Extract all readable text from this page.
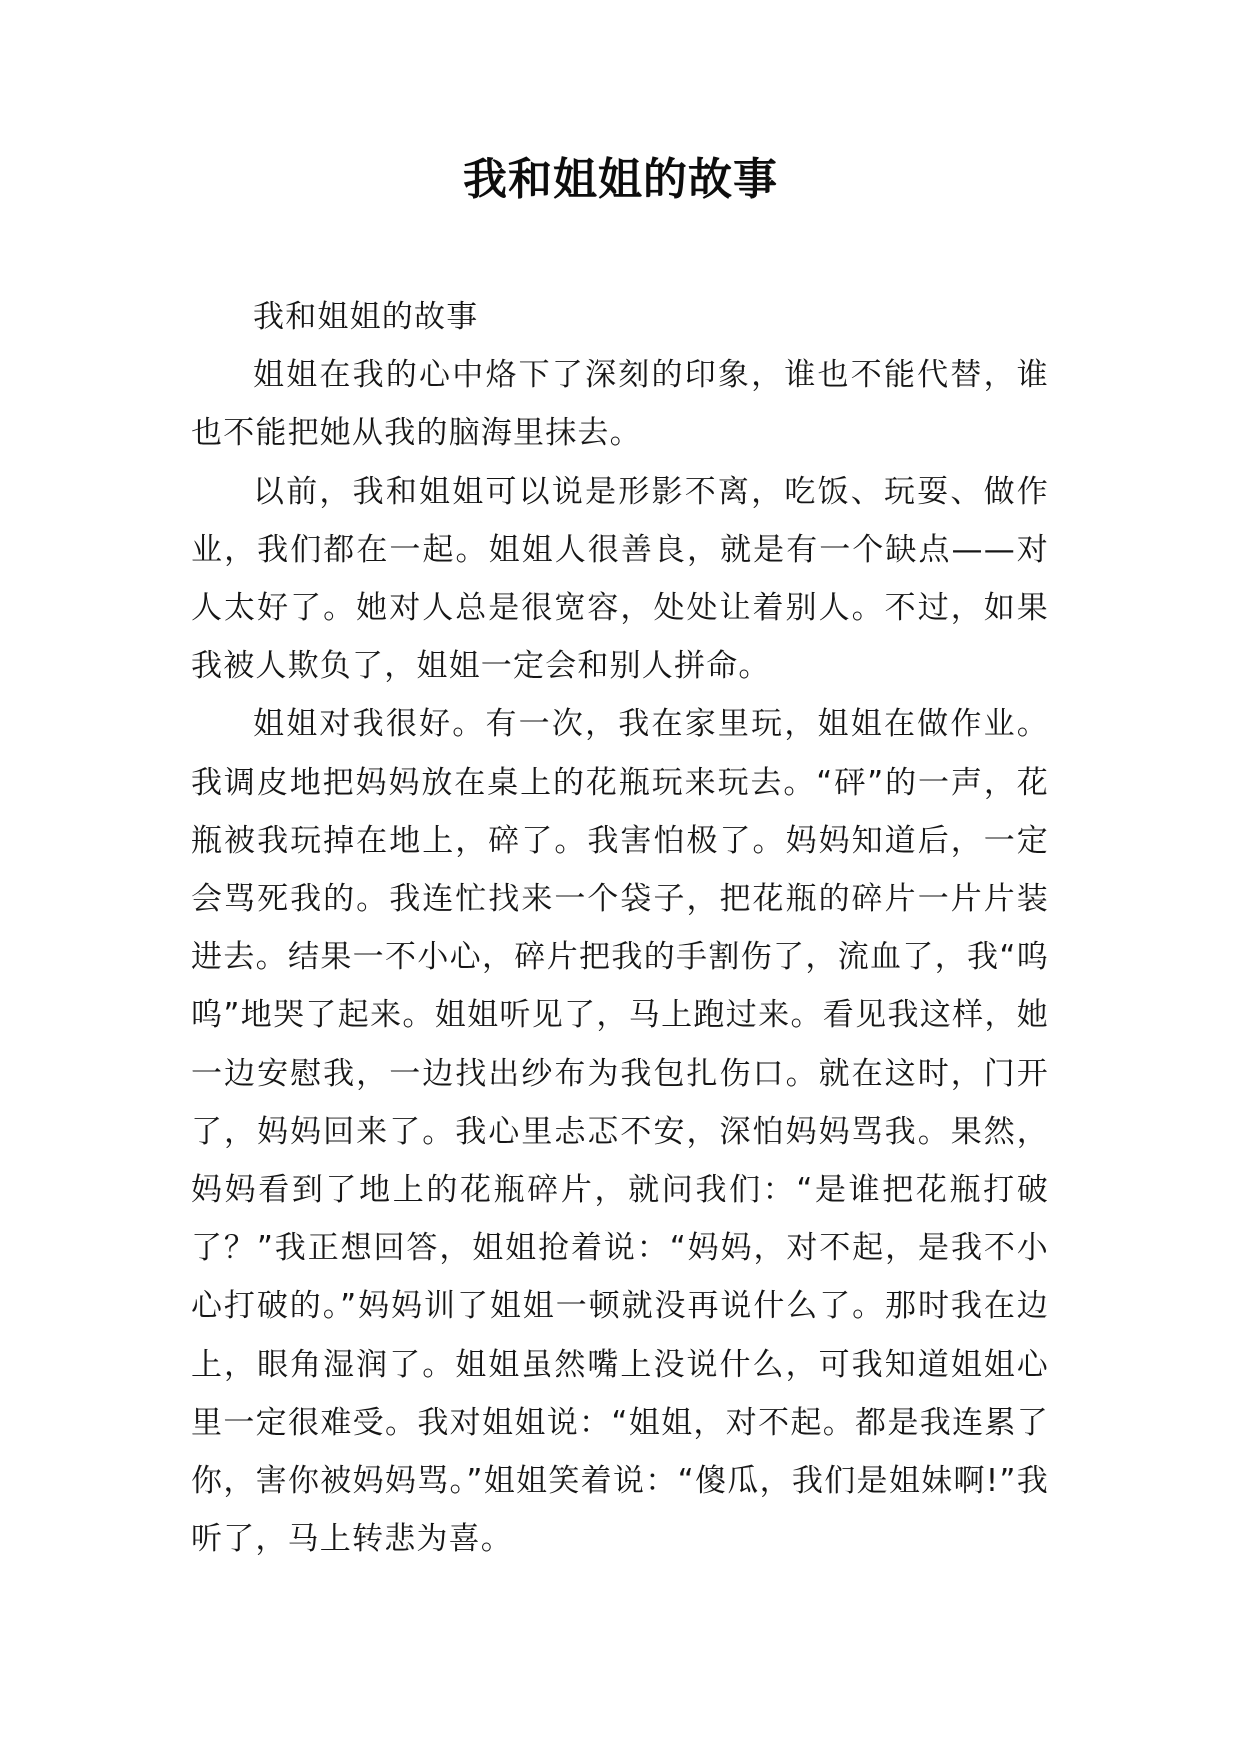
我和姐姐的故事

我和姐姐的故事

姐姐在我的心中烙下了深刻的印象，谁也不能代替，谁也不能把她从我的脑海里抹去。

以前，我和姐姐可以说是形影不离，吃饭、玩耍、做作业，我们都在一起。姐姐人很善良，就是有一个缺点——对人太好了。她对人总是很宽容，处处让着别人。不过，如果我被人欺负了，姐姐一定会和别人拼命。

姐姐对我很好。有一次，我在家里玩，姐姐在做作业。我调皮地把妈妈放在桌上的花瓶玩来玩去。“砰”的一声，花瓶被我玩掉在地上，碎了。我害怕极了。妈妈知道后，一定会骂死我的。我连忙找来一个袋子，把花瓶的碎片一片片装进去。结果一不小心，碎片把我的手割伤了，流血了，我“呜呜”地哭了起来。姐姐听见了，马上跑过来。看见我这样，她一边安慰我，一边找出纱布为我包扎伤口。就在这时，门开了，妈妈回来了。我心里忐忑不安，深怕妈妈骂我。果然，妈妈看到了地上的花瓶碎片，就问我们：“是谁把花瓶打破了？”我正想回答，姐姐抢着说：“妈妈，对不起，是我不小心打破的。”妈妈训了姐姐一顿就没再说什么了。那时我在边上，眼角湿润了。姐姐虽然嘴上没说什么，可我知道姐姐心里一定很难受。我对姐姐说：“姐姐，对不起。都是我连累了你，害你被妈妈骂。”姐姐笑着说：“傻瓜，我们是姐妹啊!”我听了，马上转悲为喜。
